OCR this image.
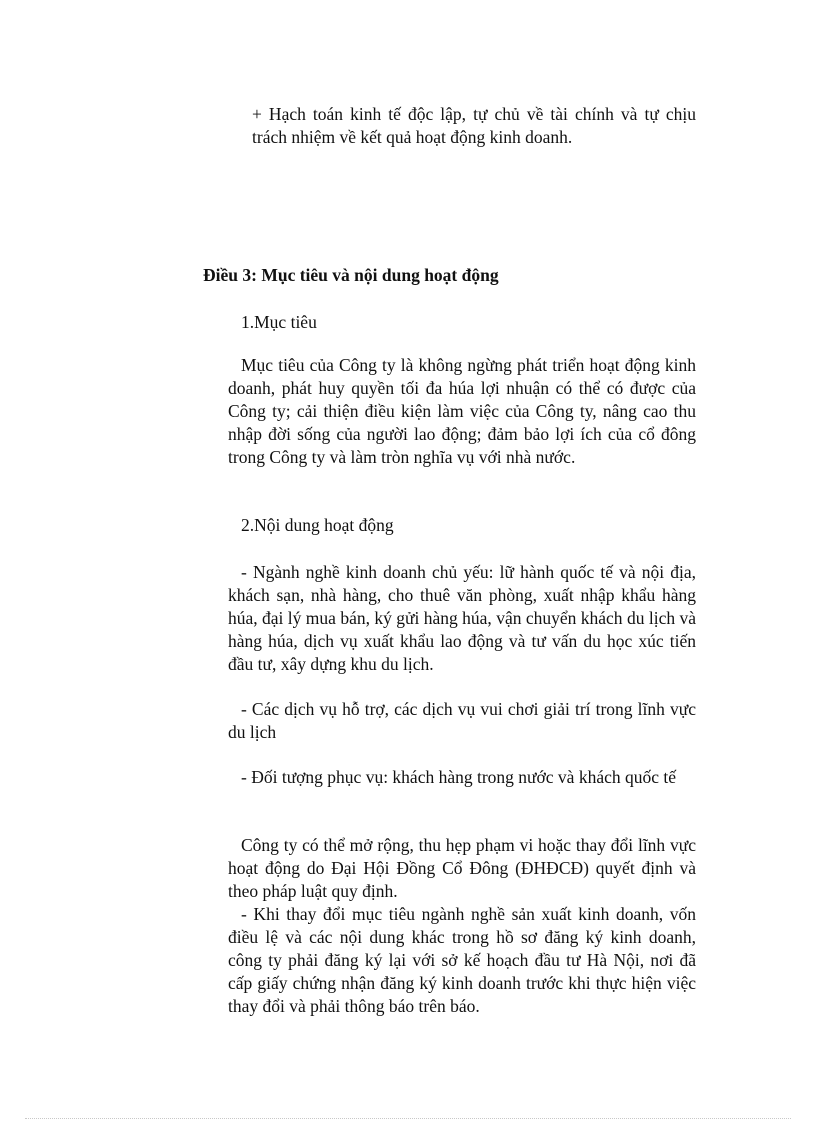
+ Hạch toán kinh tế độc lập, tự chủ về tài chính và tự chịu trách nhiệm về kết quả hoạt động kinh doanh.

Điều 3: Mục tiêu và nội dung hoạt động

1.Mục tiêu

Mục tiêu của Công ty là không ngừng phát triển hoạt động kinh doanh, phát huy quyền tối đa húa lợi nhuận có thể có được của Công ty; cải thiện điều kiện làm việc của Công ty, nâng cao thu nhập đời sống của người lao động; đảm bảo lợi ích của cổ đông trong Công ty và làm tròn nghĩa vụ với nhà nước.

2.Nội dung hoạt động

- Ngành nghề kinh doanh chủ yếu: lữ hành quốc tế và nội địa, khách sạn, nhà hàng, cho thuê văn phòng, xuất nhập khẩu hàng húa, đại lý mua bán, ký gửi hàng húa, vận chuyển khách du lịch và hàng húa, dịch vụ xuất khẩu lao động và tư vấn du học xúc tiến đầu tư, xây dựng khu du lịch.

- Các dịch vụ hỗ trợ, các dịch vụ vui chơi giải trí trong lĩnh vực du lịch

- Đối tượng phục vụ: khách hàng trong nước và khách quốc tế

Công ty có thể mở rộng, thu hẹp phạm vi hoặc thay đổi lĩnh vực hoạt động do Đại Hội Đồng Cổ Đông (ĐHĐCĐ) quyết định và theo pháp luật quy định.

- Khi thay đổi mục tiêu ngành nghề sản xuất kinh doanh, vốn điều lệ và các nội dung khác trong hồ sơ đăng ký kinh doanh, công ty phải đăng ký lại với sở kế hoạch đầu tư Hà Nội, nơi đã cấp giấy chứng nhận đăng ký kinh doanh trước khi thực hiện việc thay đổi và phải thông báo trên báo.
